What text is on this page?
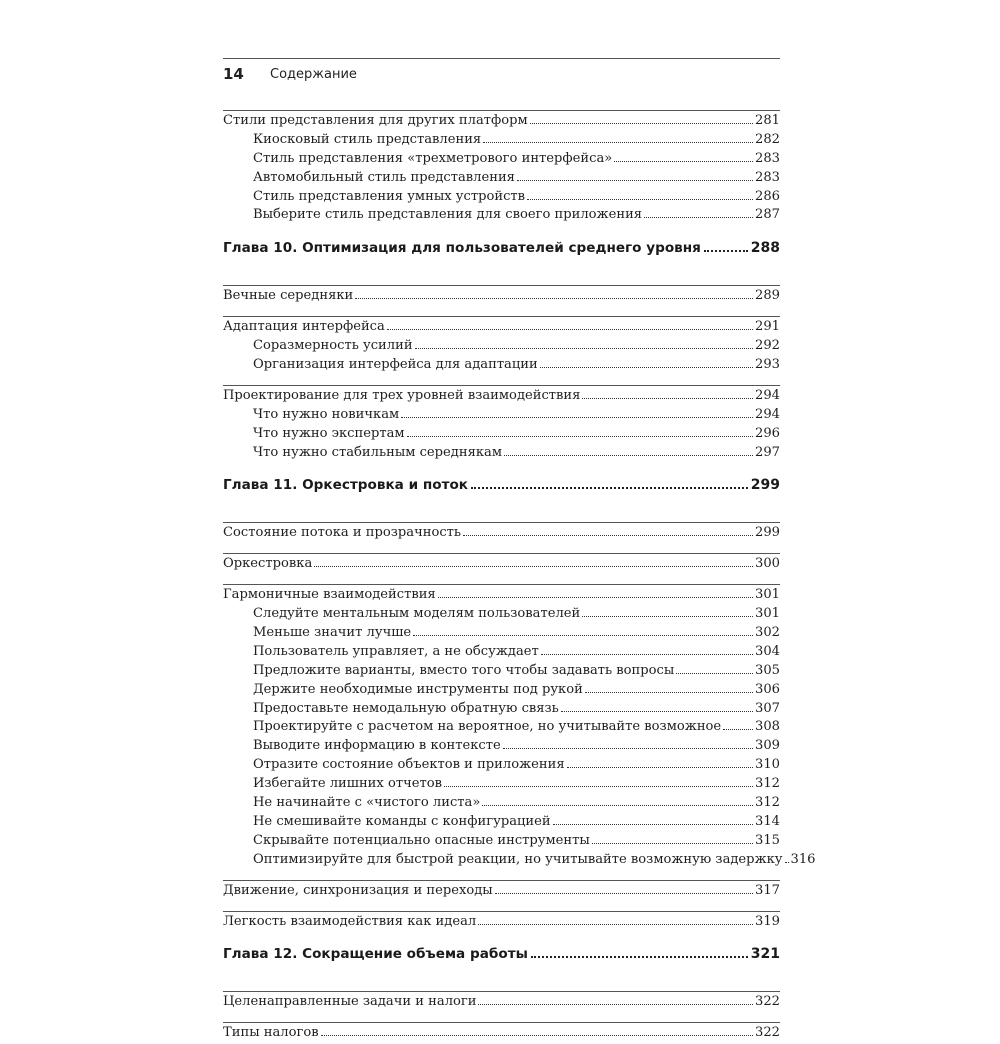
14 Содержание
Стили представления для других платформ	281
Киосковый стиль представления	282
Стиль представления «трехметрового интерфейса»	283
Автомобильный стиль представления	283
Стиль представления умных устройств	286
Выберите стиль представления для своего приложения	287
Глава 10. Оптимизация для пользователей среднего уровня	288
Вечные середняки	289
Адаптация интерфейса	291
Соразмерность усилий	292
Организация интерфейса для адаптации	293
Проектирование для трех уровней взаимодействия	294
Что нужно новичкам	294
Что нужно экспертам	296
Что нужно стабильным середнякам	297
Глава 11. Оркестровка и поток	299
Состояние потока и прозрачность	299
Оркестровка	300
Гармоничные взаимодействия	301
Следуйте ментальным моделям пользователей	301
Меньше значит лучше	302
Пользователь управляет, а не обсуждает	304
Предложите варианты, вместо того чтобы задавать вопросы	305
Держите необходимые инструменты под рукой	306
Предоставьте немодальную обратную связь	307
Проектируйте с расчетом на вероятное, но учитывайте возможное	308
Выводите информацию в контексте	309
Отразите состояние объектов и приложения	310
Избегайте лишних отчетов	312
Не начинайте с «чистого листа»	312
Не смешивайте команды с конфигурацией	314
Скрывайте потенциально опасные инструменты	315
Оптимизируйте для быстрой реакции, но учитывайте возможную задержку 316
Движение, синхронизация и переходы	317
Легкость взаимодействия как идеал	319
Глава 12. Сокращение объема работы	321
Целенаправленные задачи и налоги	322
Типы налогов	322
